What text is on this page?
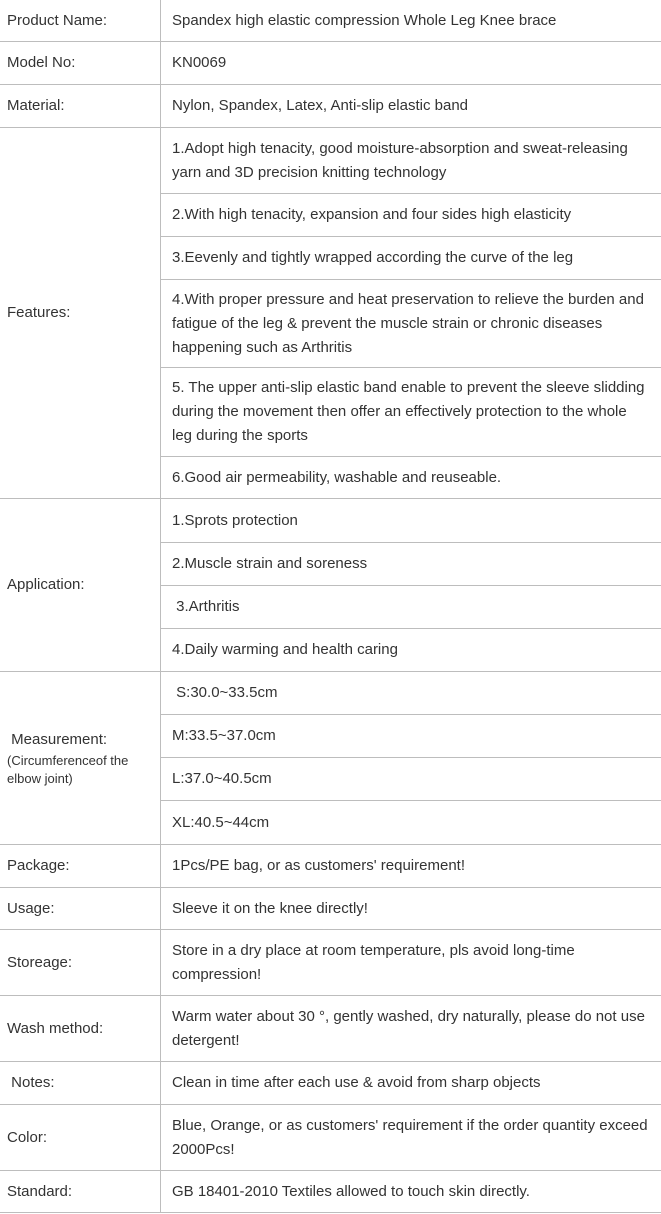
Product Name:	Spandex high elastic compression Whole Leg Knee brace

Model No:	KN0069

Material:	Nylon, Spandex, Latex, Anti-slip elastic band

Features:	1.Adopt high tenacity, good moisture-absorption and sweat-releasing yarn and 3D precision knitting technology
	2.With high tenacity, expansion and four sides high elasticity
	3.Eevenly and tightly wrapped according the curve of the leg
	4.With proper pressure and heat preservation to relieve the burden and fatigue of the leg & prevent the muscle strain or chronic diseases happening such as Arthritis
	5. The upper anti-slip elastic band enable to prevent the sleeve slidding during the movement then offer an effectively protection to the whole leg during the sports
	6.Good air permeability, washable and reuseable.

Application:	1.Sprots protection
	2.Muscle strain and soreness
	3.Arthritis
	4.Daily warming and health caring

Measurement:
(Circumferenceof the elbow joint)	S:30.0~33.5cm
	M:33.5~37.0cm
	L:37.0~40.5cm
	XL:40.5~44cm

Package:	1Pcs/PE bag, or as customers' requirement!

Usage:	Sleeve it on the knee directly!

Storeage:	Store in a dry place at room temperature, pls avoid long-time compression!

Wash method:	Warm water about 30 °, gently washed, dry naturally, please do not use detergent!

Notes:	Clean in time after each use & avoid from sharp objects

Color:	Blue, Orange, or as customers' requirement if the order quantity exceed 2000Pcs!

Standard:	GB 18401-2010 Textiles allowed to touch skin directly.
